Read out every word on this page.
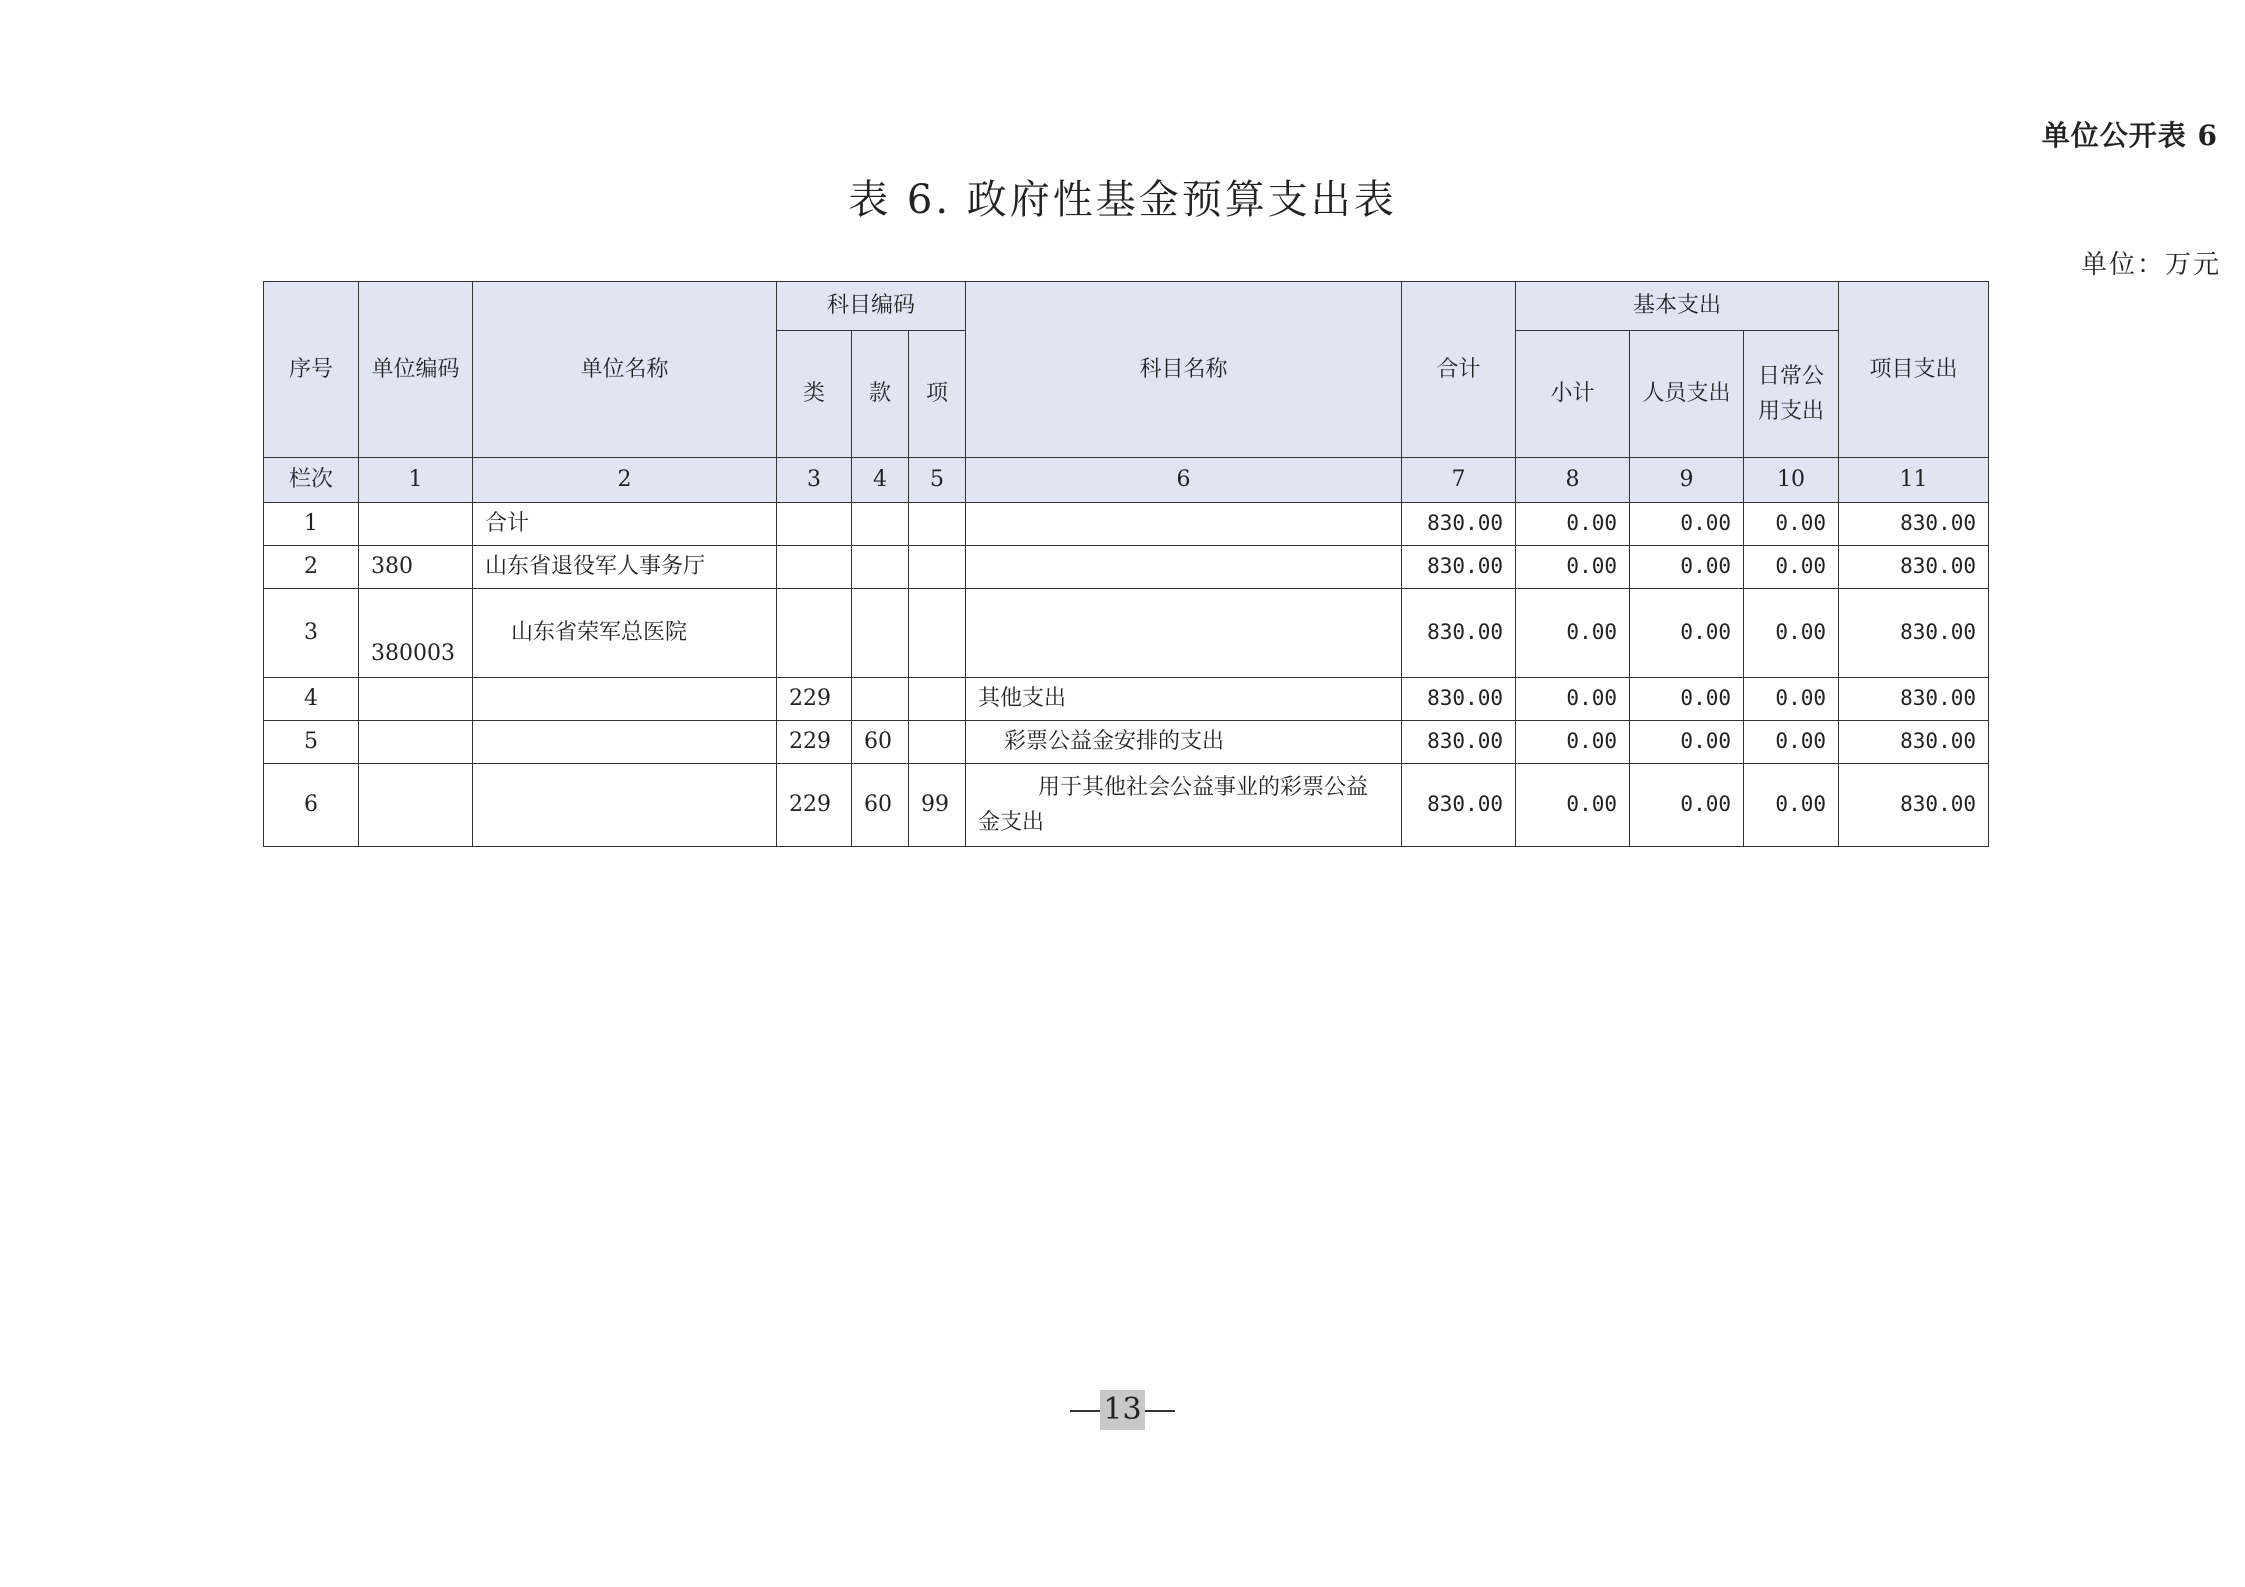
单位公开表 6
表 6. 政府性基金预算支出表
单位：万元
序号	单位编码	单位名称	科目编码			科目名称	合计	基本支出			项目支出
			类	款	项			小计	人员支出	日常公用支出	
栏次	1	2	3	4	5	6	7	8	9	10	11
1		合计					830.00	0.00	0.00	0.00	830.00
2	380	山东省退役军人事务厅					830.00	0.00	0.00	0.00	830.00
3	380003	山东省荣军总医院					830.00	0.00	0.00	0.00	830.00
4			229			其他支出	830.00	0.00	0.00	0.00	830.00
5			229	60		彩票公益金安排的支出	830.00	0.00	0.00	0.00	830.00
6			229	60	99	用于其他社会公益事业的彩票公益金支出	830.00	0.00	0.00	0.00	830.00
13
